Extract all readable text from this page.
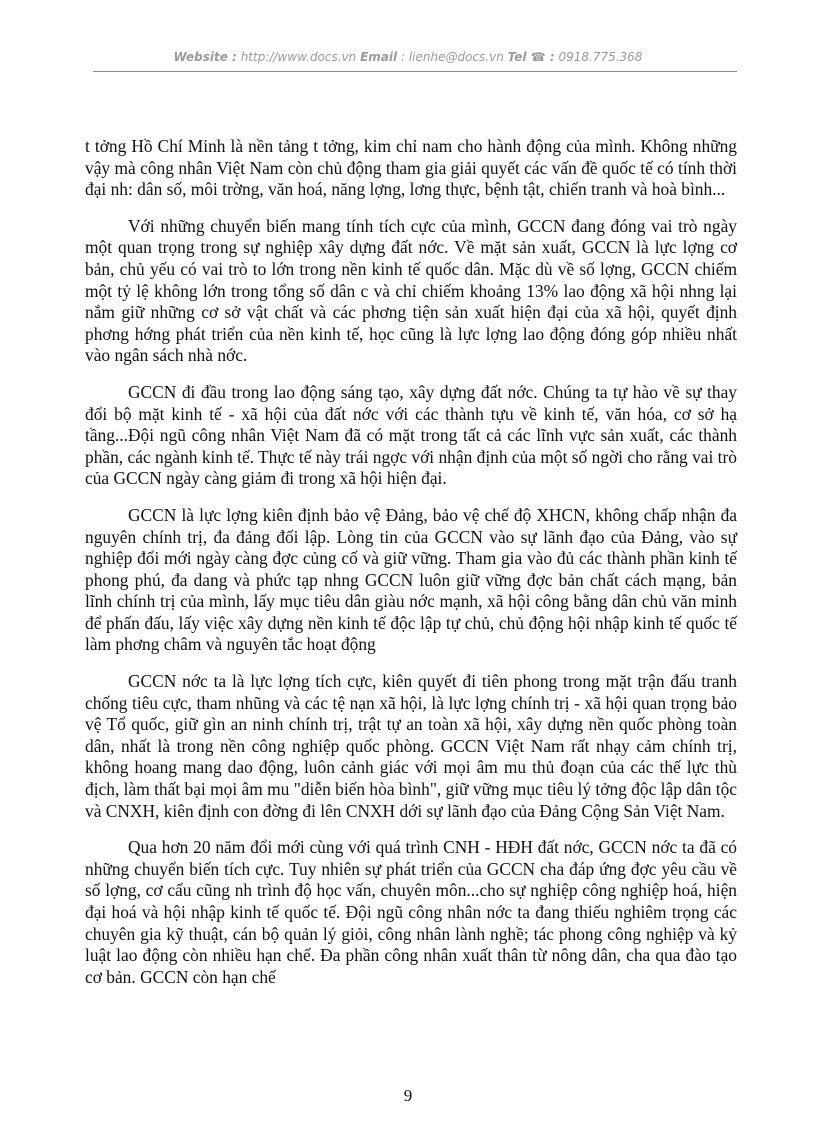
Website : http://www.docs.vn Email : lienhe@docs.vn Tel ☎ : 0918.775.368

t tởng Hồ Chí Minh là nền tảng t tởng, kim chỉ nam cho hành động của mình. Không những vậy mà công nhân Việt Nam còn chủ động tham gia giải quyết các vấn đề quốc tế có tính thời đại nh: dân số, môi trờng, văn hoá, năng lợng, lơng thực, bệnh tật, chiến tranh và hoà bình...

Với những chuyển biến mang tính tích cực của mình, GCCN đang đóng vai trò ngày một quan trọng trong sự nghiệp xây dựng đất nớc. Về mặt sản xuất, GCCN là lực lợng cơ bản, chủ yếu có vai trò to lớn trong nền kinh tế quốc dân. Mặc dù về số lợng, GCCN chiếm một tỷ lệ không lớn trong tổng số dân c và chỉ chiếm khoảng 13% lao động xã hội nhng lại nắm giữ những cơ sở vật chất và các phơng tiện sản xuất hiện đại của xã hội, quyết định phơng hớng phát triển của nền kinh tế, học cũng là lực lợng lao động đóng góp nhiều nhất vào ngân sách nhà nớc.

GCCN đi đầu trong lao động sáng tạo, xây dựng đất nớc. Chúng ta tự hào về sự thay đổi bộ mặt kinh tế - xã hội của đất nớc với các thành tựu về kinh tế, văn hóa, cơ sở hạ tầng...Đội ngũ công nhân Việt Nam đã có mặt trong tất cả các lĩnh vực sản xuất, các thành phần, các ngành kinh tế. Thực tế này trái ngợc với nhận định của một số ngời cho rằng vai trò của GCCN ngày càng giảm đi trong xã hội hiện đại.

GCCN là lực lợng kiên định bảo vệ Đảng, bảo vệ chế độ XHCN, không chấp nhận đa nguyên chính trị, đa đảng đối lập. Lòng tin của GCCN vào sự lãnh đạo của Đảng, vào sự nghiệp đổi mới ngày càng đợc củng cố và giữ vững. Tham gia vào đủ các thành phần kinh tế phong phú, đa dang và phức tạp nhng GCCN luôn giữ vững đợc bản chất cách mạng, bản lĩnh chính trị của mình, lấy mục tiêu dân giàu nớc mạnh, xã hội công bằng dân chủ văn minh để phấn đấu, lấy việc xây dựng nền kinh tế độc lập tự chủ, chủ động hội nhập kinh tế quốc tế làm phơng châm và nguyên tắc hoạt động

GCCN nớc ta là lực lợng tích cực, kiên quyết đi tiên phong trong mặt trận đấu tranh chống tiêu cực, tham nhũng và các tệ nạn xã hội, là lực lợng chính trị - xã hội quan trọng bảo vệ Tổ quốc, giữ gìn an ninh chính trị, trật tự an toàn xã hội, xây dựng nền quốc phòng toàn dân, nhất là trong nền công nghiệp quốc phòng. GCCN Việt Nam rất nhạy cảm chính trị, không hoang mang dao động, luôn cảnh giác với mọi âm mu thủ đoạn của các thế lực thù địch, làm thất bại mọi âm mu "diễn biến hòa bình", giữ vững mục tiêu lý tởng độc lập dân tộc và CNXH, kiên định con đờng đi lên CNXH dới sự lãnh đạo của Đảng Cộng Sản Việt Nam.

Qua hơn 20 năm đổi mới cùng với quá trình CNH - HĐH đất nớc, GCCN nớc ta đã có những chuyển biến tích cực. Tuy nhiên sự phát triển của GCCN cha đáp ứng đợc yêu cầu về số lợng, cơ cấu cũng nh trình độ học vấn, chuyên môn...cho sự nghiệp công nghiệp hoá, hiện đại hoá và hội nhập kinh tế quốc tế. Đội ngũ công nhân nớc ta đang thiếu nghiêm trọng các chuyên gia kỹ thuật, cán bộ quản lý giỏi, công nhân lành nghề; tác phong công nghiệp và kỷ luật lao động còn nhiều hạn chế. Đa phần công nhân xuất thân từ nông dân, cha qua đào tạo cơ bản. GCCN còn hạn chế

9
